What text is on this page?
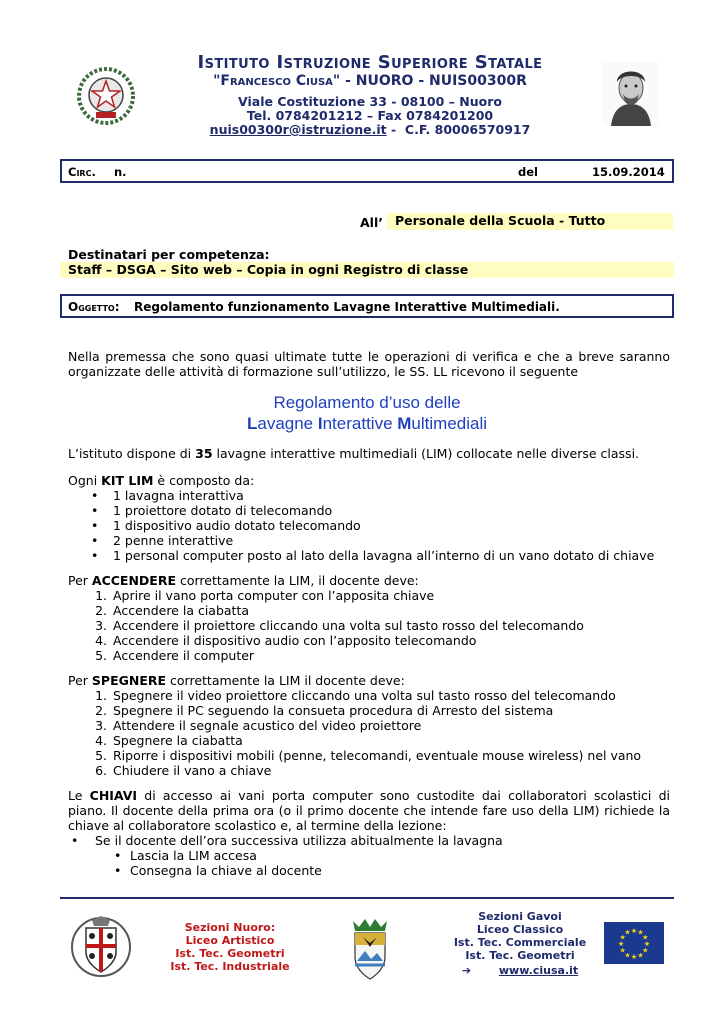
Istituto Istruzione Superiore Statale
"Francesco Ciusa" - NUORO - NUIS00300R
Viale Costituzione 33 - 08100 – Nuoro
Tel. 0784201212 – Fax 0784201200
nuis00300r@istruzione.it - C.F. 80006570917
Circ. n.	del	15.09.2014
All’ Personale della Scuola - Tutto
Destinatari per competenza:
Staff – DSGA – Sito web – Copia in ogni Registro di classe
Oggetto: Regolamento funzionamento Lavagne Interattive Multimediali.
Nella premessa che sono quasi ultimate tutte le operazioni di verifica e che a breve saranno organizzate delle attività di formazione sull’utilizzo, le SS. LL ricevono il seguente
Regolamento d’uso delle
Lavagne Interattive Multimediali
L’istituto dispone di 35 lavagne interattive multimediali (LIM) collocate nelle diverse classi.
Ogni KIT LIM è composto da:
• 1 lavagna interattiva
• 1 proiettore dotato di telecomando
• 1 dispositivo audio dotato telecomando
• 2 penne interattive
• 1 personal computer posto al lato della lavagna all’interno di un vano dotato di chiave
Per ACCENDERE correttamente la LIM, il docente deve:
1. Aprire il vano porta computer con l’apposita chiave
2. Accendere la ciabatta
3. Accendere il proiettore cliccando una volta sul tasto rosso del telecomando
4. Accendere il dispositivo audio con l’apposito telecomando
5. Accendere il computer
Per SPEGNERE correttamente la LIM il docente deve:
1. Spegnere il video proiettore cliccando una volta sul tasto rosso del telecomando
2. Spegnere il PC seguendo la consueta procedura di Arresto del sistema
3. Attendere il segnale acustico del video proiettore
4. Spegnere la ciabatta
5. Riporre i dispositivi mobili (penne, telecomandi, eventuale mouse wireless) nel vano
6. Chiudere il vano a chiave
Le CHIAVI di accesso ai vani porta computer sono custodite dai collaboratori scolastici di piano. Il docente della prima ora (o il primo docente che intende fare uso della LIM) richiede la chiave al collaboratore scolastico e, al termine della lezione:
• Se il docente dell’ora successiva utilizza abitualmente la lavagna
• Lascia la LIM accesa
• Consegna la chiave al docente
Sezioni Nuoro:
Liceo Artistico
Ist. Tec. Geometri
Ist. Tec. Industriale
Sezioni Gavoi
Liceo Classico
Ist. Tec. Commerciale
Ist. Tec. Geometri
➔	www.ciusa.it
★
★
★
★
★
★
★
★
★ ★ ★
★
